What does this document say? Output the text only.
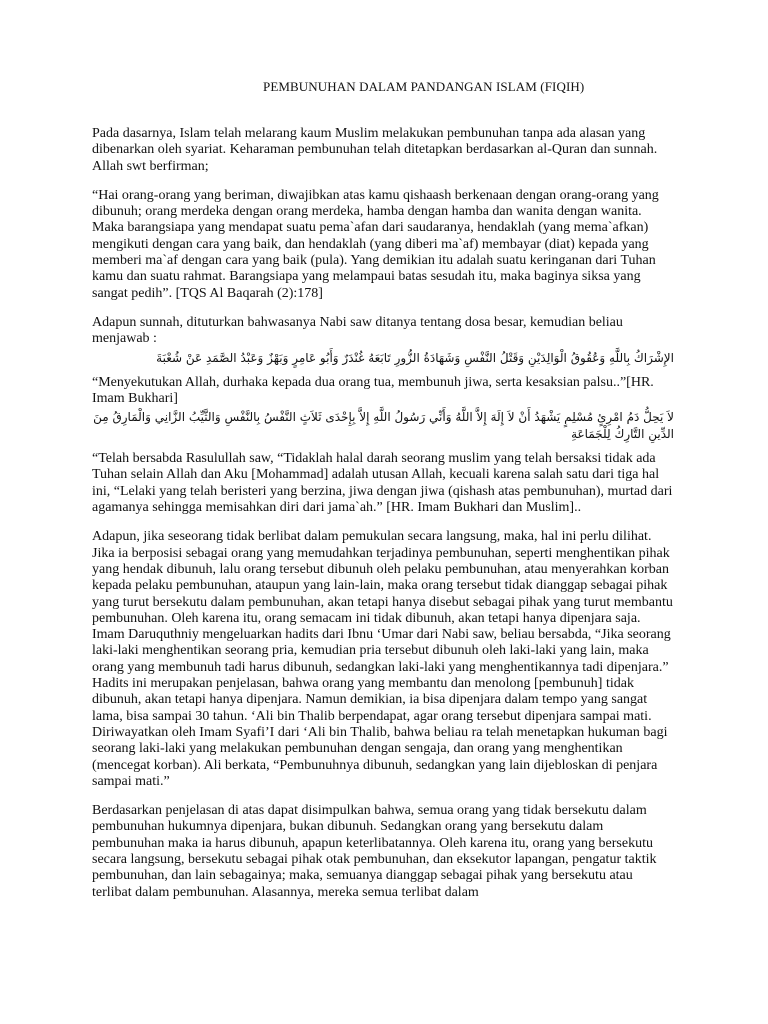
PEMBUNUHAN DALAM PANDANGAN ISLAM (FIQIH)

Pada dasarnya, Islam telah melarang kaum Muslim melakukan pembunuhan tanpa ada alasan yang dibenarkan oleh syariat. Keharaman pembunuhan telah ditetapkan berdasarkan al-Quran dan sunnah. Allah swt berfirman;

“Hai orang-orang yang beriman, diwajibkan atas kamu qishaash berkenaan dengan orang-orang yang dibunuh; orang merdeka dengan orang merdeka, hamba dengan hamba dan wanita dengan wanita. Maka barangsiapa yang mendapat suatu pema`afan dari saudaranya, hendaklah (yang mema`afkan) mengikuti dengan cara yang baik, dan hendaklah (yang diberi ma`af) membayar (diat) kepada yang memberi ma`af dengan cara yang baik (pula). Yang demikian itu adalah suatu keringanan dari Tuhan kamu dan suatu rahmat. Barangsiapa yang melampaui batas sesudah itu, maka baginya siksa yang sangat pedih”. [TQS Al Baqarah (2):178]

Adapun sunnah, dituturkan bahwasanya Nabi saw ditanya tentang dosa besar, kemudian beliau menjawab :

الإِشْرَاكُ بِاللَّهِ وَعُقُوقُ الْوَالِدَيْنِ وَقَتْلُ النَّفْسِ وَشَهَادَةُ الزُّورِ تَابَعَهُ غُنْدَرٌ وَأَبُو عَامِرٍ وَبَهْزٌ وَعَبْدُ الصَّمَدِ عَنْ شُعْبَةَ

“Menyekutukan Allah, durhaka kepada dua orang tua, membunuh jiwa, serta kesaksian palsu..”[HR. Imam Bukhari]

لاَ يَحِلُّ دَمُ امْرِئٍ مُسْلِمٍ يَشْهَدُ أَنْ لاَ إِلَهَ إِلاَّ اللَّهُ وَأَنِّي رَسُولُ اللَّهِ إِلاَّ بِإِحْدَى ثَلاَثٍ النَّفْسُ بِالنَّفْسِ وَالثَّيِّبُ الزَّانِي وَالْمَارِقُ مِنَ الدِّينِ التَّارِكُ لِلْجَمَاعَةِ

“Telah bersabda Rasulullah saw, “Tidaklah halal darah seorang muslim yang telah bersaksi tidak ada Tuhan selain Allah dan Aku [Mohammad] adalah utusan Allah, kecuali karena salah satu dari tiga hal ini, “Lelaki yang telah beristeri yang berzina, jiwa dengan jiwa (qishash atas pembunuhan), murtad dari agamanya sehingga memisahkan diri dari jama`ah.” [HR. Imam Bukhari dan Muslim]..

Adapun, jika seseorang tidak berlibat dalam pemukulan secara langsung, maka, hal ini perlu dilihat. Jika ia berposisi sebagai orang yang memudahkan terjadinya pembunuhan, seperti menghentikan pihak yang hendak dibunuh, lalu orang tersebut dibunuh oleh pelaku pembunuhan, atau menyerahkan korban kepada pelaku pembunuhan, ataupun yang lain-lain, maka orang tersebut tidak dianggap sebagai pihak yang turut bersekutu dalam pembunuhan, akan tetapi hanya disebut sebagai pihak yang turut membantu pembunuhan. Oleh karena itu, orang semacam ini tidak dibunuh, akan tetapi hanya dipenjara saja. Imam Daruquthniy mengeluarkan hadits dari Ibnu ‘Umar dari Nabi saw, beliau bersabda, “Jika seorang laki-laki menghentikan seorang pria, kemudian pria tersebut dibunuh oleh laki-laki yang lain, maka orang yang membunuh tadi harus dibunuh, sedangkan laki-laki yang menghentikannya tadi dipenjara.” Hadits ini merupakan penjelasan, bahwa orang yang membantu dan menolong [pembunuh] tidak dibunuh, akan tetapi hanya dipenjara. Namun demikian, ia bisa dipenjara dalam tempo yang sangat lama, bisa sampai 30 tahun. ‘Ali bin Thalib berpendapat, agar orang tersebut dipenjara sampai mati. Diriwayatkan oleh Imam Syafi’I dari ‘Ali bin Thalib, bahwa beliau ra telah menetapkan hukuman bagi seorang laki-laki yang melakukan pembunuhan dengan sengaja, dan orang yang menghentikan (mencegat korban). Ali berkata, “Pembunuhnya dibunuh, sedangkan yang lain dijebloskan di penjara sampai mati.”

Berdasarkan penjelasan di atas dapat disimpulkan bahwa, semua orang yang tidak bersekutu dalam pembunuhan hukumnya dipenjara, bukan dibunuh. Sedangkan orang yang bersekutu dalam pembunuhan maka ia harus dibunuh, apapun keterlibatannya. Oleh karena itu, orang yang bersekutu secara langsung, bersekutu sebagai pihak otak pembunuhan, dan eksekutor lapangan, pengatur taktik pembunuhan, dan lain sebagainya; maka, semuanya dianggap sebagai pihak yang bersekutu atau terlibat dalam pembunuhan. Alasannya, mereka semua terlibat dalam
